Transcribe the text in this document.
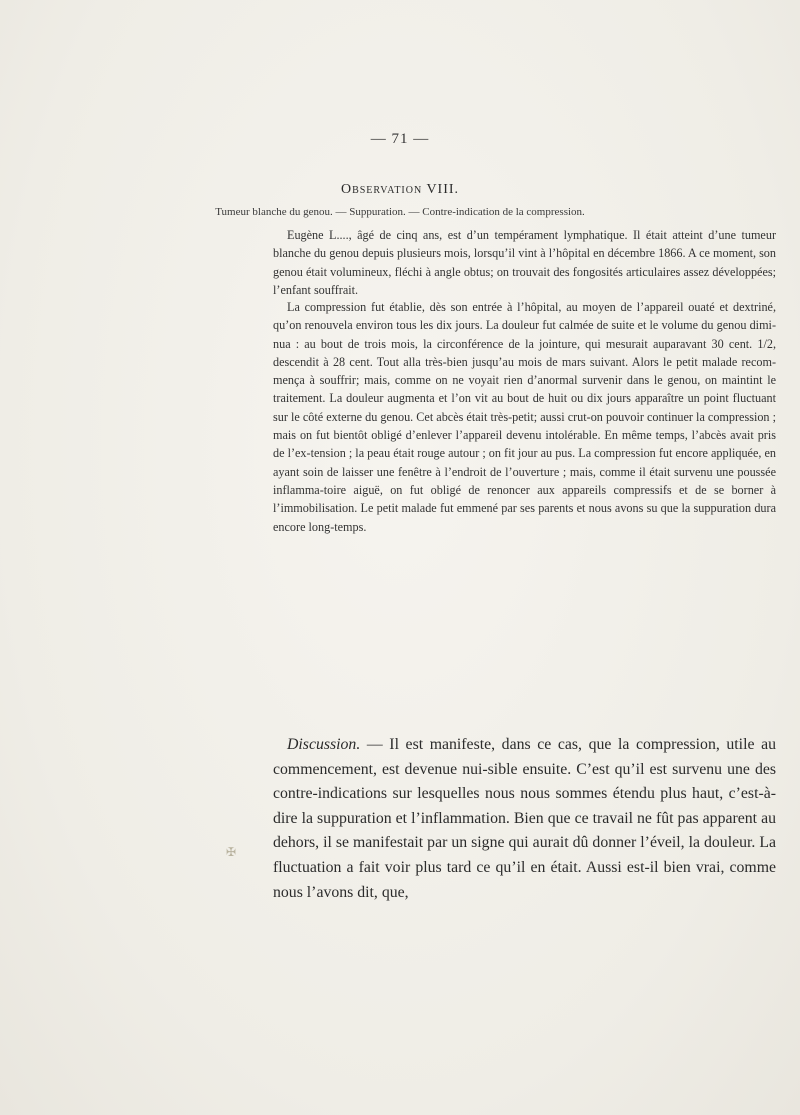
— 71 —
Observation VIII.
Tumeur blanche du genou. — Suppuration. — Contre-indication de la compression.

Eugène L...., âgé de cinq ans, est d’un tempérament lymphatique. Il était atteint d’une tumeur blanche du genou depuis plusieurs mois, lorsqu’il vint à l’hôpital en décembre 1866. A ce moment, son genou était volumineux, fléchi à angle obtus; on trouvait des fongosités articulaires assez développées; l’enfant souffrait.

La compression fut établie, dès son entrée à l’hôpital, au moyen de l’appareil ouaté et dextriné, qu’on renouvela environ tous les dix jours. La douleur fut calmée de suite et le volume du genou dimi-nua : au bout de trois mois, la circonférence de la jointure, qui mesurait auparavant 30 cent. 1/2, descendit à 28 cent. Tout alla très-bien jusqu’au mois de mars suivant. Alors le petit malade recom-mença à souffrir; mais, comme on ne voyait rien d’anormal survenir dans le genou, on maintint le traitement. La douleur augmenta et l’on vit au bout de huit ou dix jours apparaître un point fluctuant sur le côté externe du genou. Cet abcès était très-petit; aussi crut-on pouvoir continuer la compression ; mais on fut bientôt obligé d’enlever l’appareil devenu intolérable. En même temps, l’abcès avait pris de l’ex-tension ; la peau était rouge autour ; on fit jour au pus. La compression fut encore appliquée, en ayant soin de laisser une fenêtre à l’endroit de l’ouverture ; mais, comme il était survenu une poussée inflamma-toire aiguë, on fut obligé de renoncer aux appareils compressifs et de se borner à l’immobilisation. Le petit malade fut emmené par ses parents et nous avons su que la suppuration dura encore long-temps.

Discussion. — Il est manifeste, dans ce cas, que la compression, utile au commencement, est devenue nui-sible ensuite. C’est qu’il est survenu une des contre-indications sur lesquelles nous nous sommes étendu plus haut, c’est-à-dire la suppuration et l’inflammation. Bien que ce travail ne fût pas apparent au dehors, il se manifestait par un signe qui aurait dû donner l’éveil, la douleur. La fluctuation a fait voir plus tard ce qu’il en était. Aussi est-il bien vrai, comme nous l’avons dit, que,

✠
